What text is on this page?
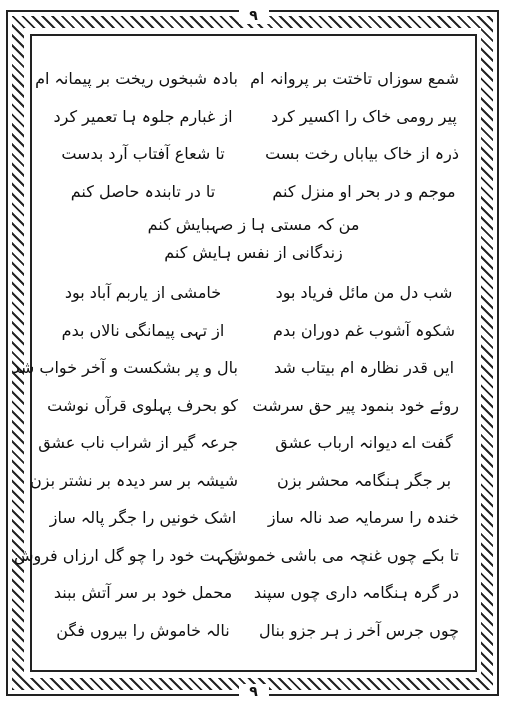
۹
۹
شمع سوزاں تاختت بر پروانہ ام
بادہ شبخوں ریخت بر پیمانہ ام
پیر رومی خاک را اکسیر کرد
از غبارم جلوہ ہا تعمیر کرد
ذرہ از خاک بیاباں رخت بست
تا شعاع آفتاب آرد بدست
موجم و در بحر او منزل کنم
تا در تابندہ حاصل کنم
من کہ مستی ہا ز صہبایش کنم
زندگانی از نفس ہایش کنم
شب دل من مائل فریاد بود
خامشی از یاربم آباد بود
شکوہ آشوب غم دوران بدم
از تہی پیمانگی نالاں بدم
ایں قدر نظارہ ام بیتاب شد
بال و پر بشکست و آخر خواب شد
روئے خود بنمود پیر حق سرشت
کو بحرف پہلوی قرآں نوشت
گفت اے دیوانہ ارباب عشق
جرعہ گیر از شراب ناب عشق
بر جگر ہنگامہ محشر بزن
شیشہ بر سر دیدہ بر نشتر بزن
خندہ را سرمایہ صد نالہ ساز
اشک خونیں را جگر پالہ ساز
تا بکے چوں غنچہ می باشی خموش
نکہت خود را چو گل ارزاں فروش
در گرہ ہنگامہ داری چوں سپند
محمل خود بر سر آتش ببند
چوں جرس آخر ز ہر جزو بنال
نالہ خاموش را بیروں فگن
